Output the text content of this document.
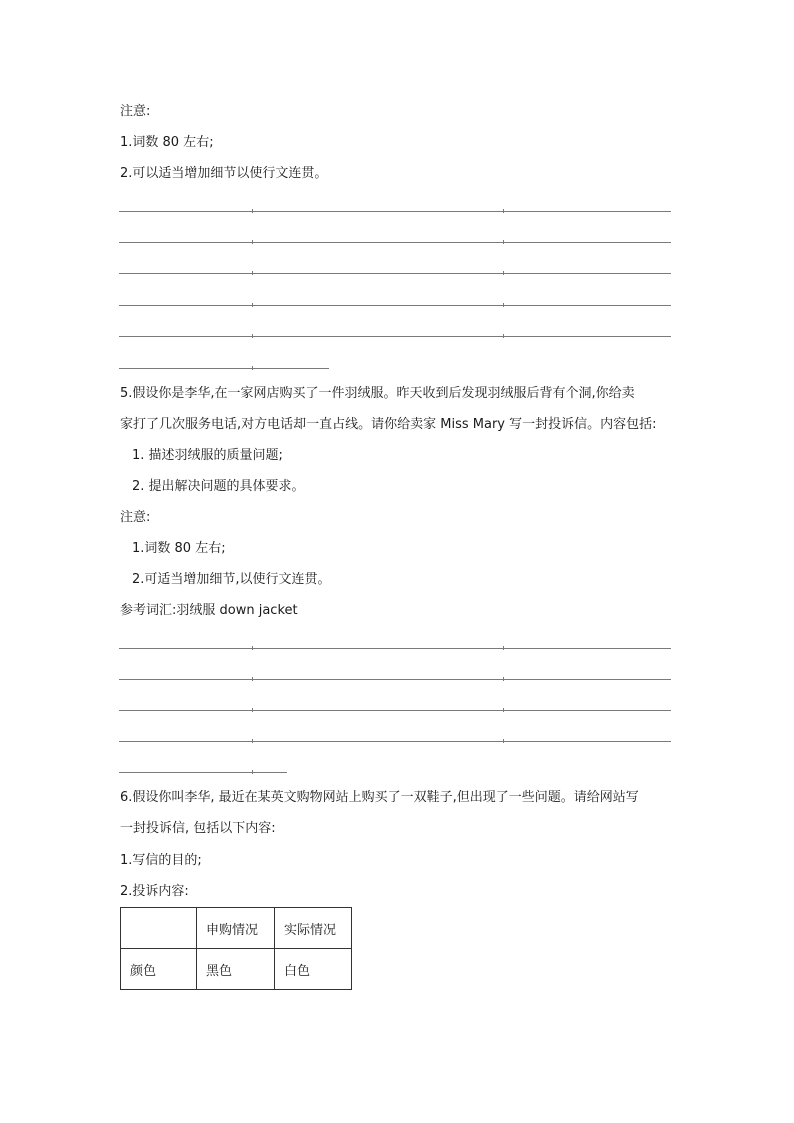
注意:
1.词数 80 左右;
2.可以适当增加细节以使行文连贯。
5.假设你是李华,在一家网店购买了一件羽绒服。昨天收到后发现羽绒服后背有个洞,你给卖
家打了几次服务电话,对方电话却一直占线。请你给卖家 Miss Mary 写一封投诉信。内容包括:
1. 描述羽绒服的质量问题;
2. 提出解决问题的具体要求。
注意:
1.词数 80 左右;
2.可适当增加细节,以使行文连贯。
参考词汇:羽绒服 down jacket
6.假设你叫李华, 最近在某英文购物网站上购买了一双鞋子,但出现了一些问题。请给网站写
一封投诉信, 包括以下内容:
1.写信的目的;
2.投诉内容:
	申购情况	实际情况
颜色	黑色	白色
